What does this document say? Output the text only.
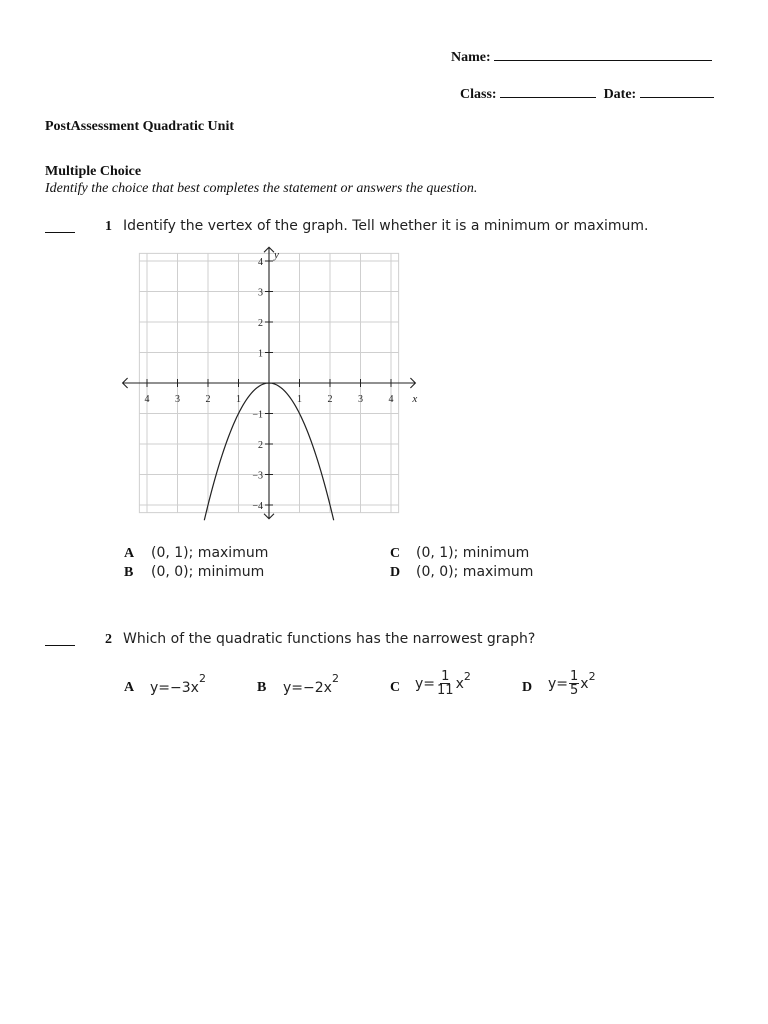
Name:
Class:	Date:
PostAssessment Quadratic Unit
Multiple Choice
Identify the choice that best completes the statement or answers the question.
1 Identify the vertex of the graph. Tell whether it is a minimum or maximum.
4	3	2	1	1	2	3	4
4
3
2
1
−1
2
−3
−4
x
y
A (0, 1); maximum
B (0, 0); minimum
C (0, 1); minimum
D (0, 0); maximum
2 Which of the quadratic functions has the narrowest graph?
A y=−3x
$^2$
B y=−2x
$^2$
C $y= \frac{1}{11} x^2$
D $y= \frac{1}{5} x^2$
